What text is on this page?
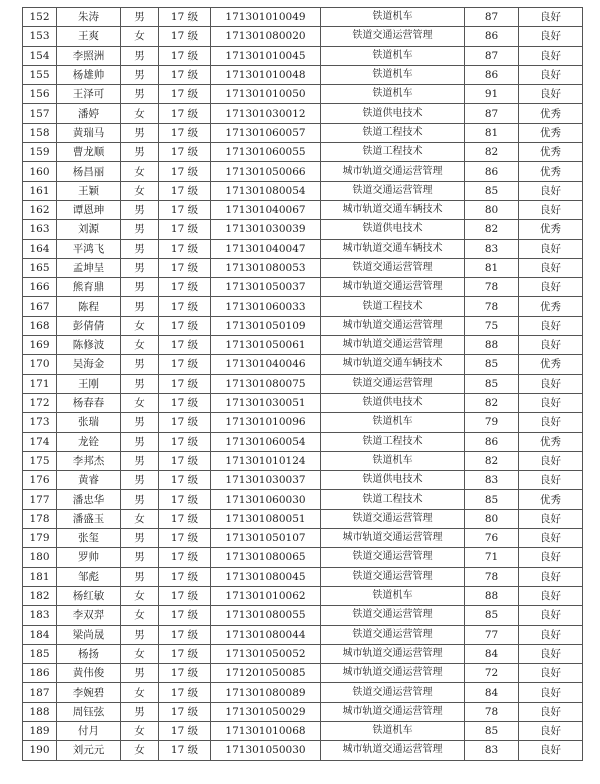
152	朱涛	男	17 级	171301010049	铁道机车	87	良好
153	王爽	女	17 级	171301080020	铁道交通运营管理	86	良好
154	李照洲	男	17 级	171301010045	铁道机车	87	良好
155	杨雄帅	男	17 级	171301010048	铁道机车	86	良好
156	王泽可	男	17 级	171301010050	铁道机车	91	良好
157	潘婷	女	17 级	171301030012	铁道供电技术	87	优秀
158	黄瑞马	男	17 级	171301060057	铁道工程技术	81	优秀
159	曹龙顺	男	17 级	171301060055	铁道工程技术	82	优秀
160	杨昌丽	女	17 级	171301050066	城市轨道交通运营管理	86	优秀
161	王颖	女	17 级	171301080054	铁道交通运营管理	85	良好
162	谭恩珅	男	17 级	171301040067	城市轨道交通车辆技术	80	良好
163	刘源	男	17 级	171301030039	铁道供电技术	82	优秀
164	平鸿飞	男	17 级	171301040047	城市轨道交通车辆技术	83	良好
165	孟坤呈	男	17 级	171301080053	铁道交通运营管理	81	良好
166	熊育鼎	男	17 级	171301050037	城市轨道交通运营管理	78	良好
167	陈程	男	17 级	171301060033	铁道工程技术	78	优秀
168	彭倩倩	女	17 级	171301050109	城市轨道交通运营管理	75	良好
169	陈修波	女	17 级	171301050061	城市轨道交通运营管理	88	良好
170	吴海金	男	17 级	171301040046	城市轨道交通车辆技术	85	优秀
171	王刚	男	17 级	171301080075	铁道交通运营管理	85	良好
172	杨春春	女	17 级	171301030051	铁道供电技术	82	良好
173	张瑞	男	17 级	171301010096	铁道机车	79	良好
174	龙铨	男	17 级	171301060054	铁道工程技术	86	优秀
175	李邦杰	男	17 级	171301010124	铁道机车	82	良好
176	黄睿	男	17 级	171301030037	铁道供电技术	83	良好
177	潘忠华	男	17 级	171301060030	铁道工程技术	85	优秀
178	潘盛玉	女	17 级	171301080051	铁道交通运营管理	80	良好
179	张玺	男	17 级	171301050107	城市轨道交通运营管理	76	良好
180	罗帅	男	17 级	171301080065	铁道交通运营管理	71	良好
181	邹彪	男	17 级	171301080045	铁道交通运营管理	78	良好
182	杨红敏	女	17 级	171301010062	铁道机车	88	良好
183	李双羿	女	17 级	171301080055	铁道交通运营管理	85	良好
184	梁尚晟	男	17 级	171301080044	铁道交通运营管理	77	良好
185	杨扬	女	17 级	171301050052	城市轨道交通运营管理	84	良好
186	黄伟俊	男	17 级	171201050085	城市轨道交通运营管理	72	良好
187	李婉碧	女	17 级	171301080089	铁道交通运营管理	84	良好
188	周钰弦	男	17 级	171301050029	城市轨道交通运营管理	78	良好
189	付月	女	17 级	171301010068	铁道机车	85	良好
190	刘元元	女	17 级	171301050030	城市轨道交通运营管理	83	良好
